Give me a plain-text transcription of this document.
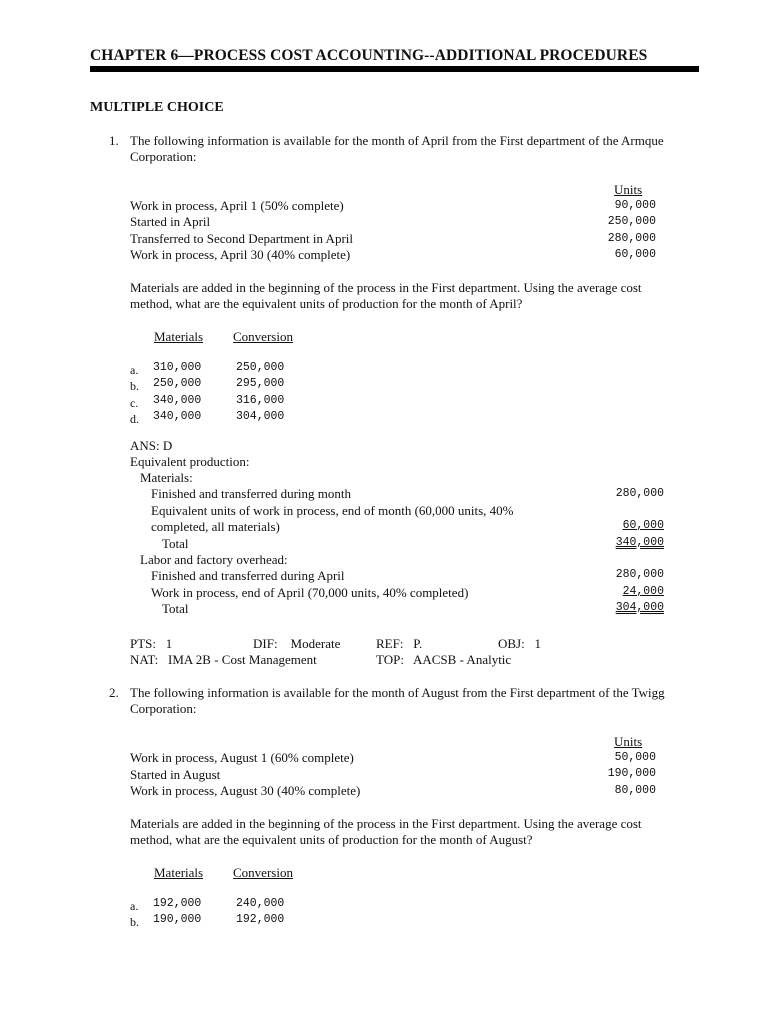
CHAPTER 6—PROCESS COST ACCOUNTING--ADDITIONAL PROCEDURES
MULTIPLE CHOICE
1. The following information is available for the month of April from the First department of the Armque
Corporation:
Units
Work in process, April 1 (50% complete)	90,000
Started in April	250,000
Transferred to Second Department in April	280,000
Work in process, April 30 (40% complete)	60,000
Materials are added in the beginning of the process in the First department. Using the average cost
method, what are the equivalent units of production for the month of April?
Materials Conversion
a. 310,000	250,000
b. 250,000	295,000
c. 340,000	316,000
d. 340,000	304,000
ANS: D
Equivalent production:
Materials:
Finished and transferred during month	280,000
Equivalent units of work in process, end of month (60,000 units, 40%
completed, all materials)	60,000
Total	340,000
Labor and factory overhead:
Finished and transferred during April	280,000
Work in process, end of April (70,000 units, 40% completed)	24,000
Total	304,000
PTS:   1	DIF:    Moderate	REF:   P.	OBJ:   1
NAT:   IMA 2B - Cost Management	TOP:   AACSB - Analytic
2. The following information is available for the month of August from the First department of the Twigg
Corporation:
Units
Work in process, August 1 (60% complete)	50,000
Started in August	190,000
Work in process, August 30 (40% complete)	80,000
Materials are added in the beginning of the process in the First department. Using the average cost
method, what are the equivalent units of production for the month of August?
Materials Conversion
a. 192,000	240,000
b. 190,000	192,000
